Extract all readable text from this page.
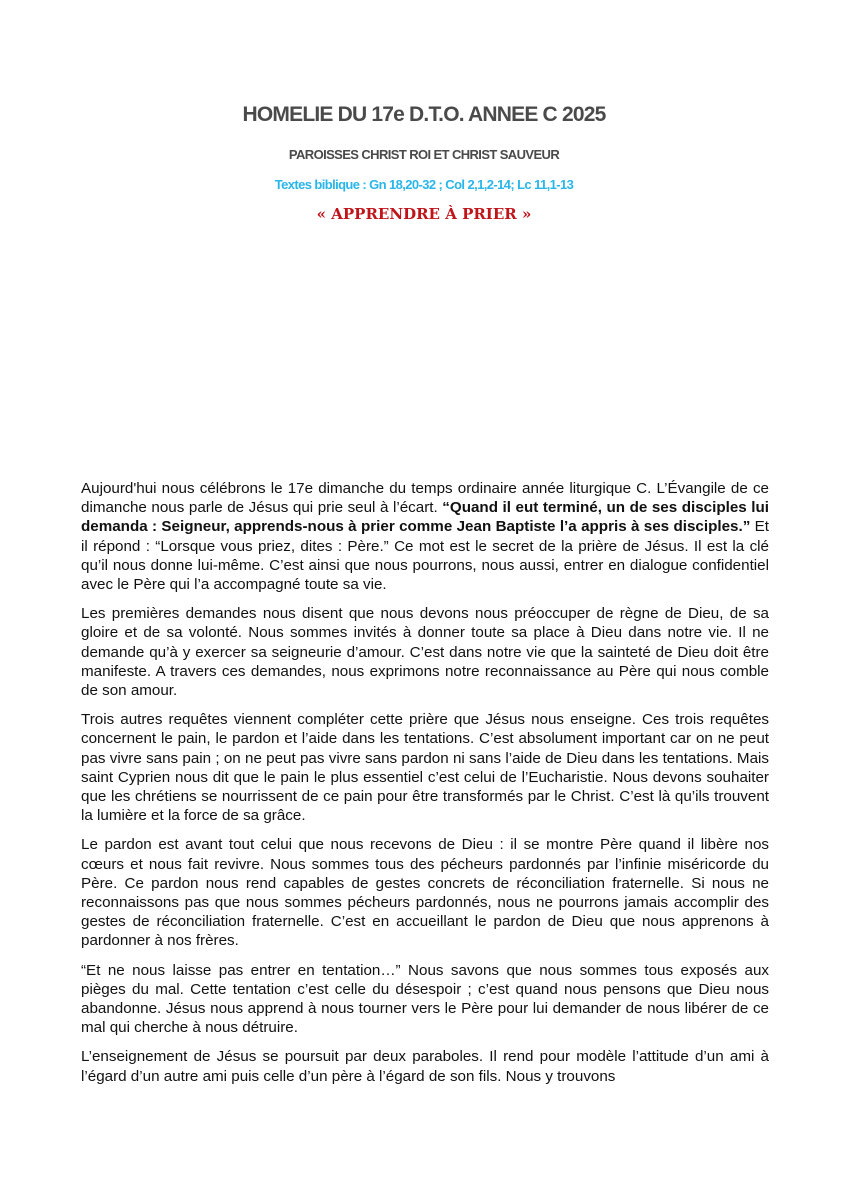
HOMELIE DU 17e D.T.O. ANNEE C 2025
PAROISSES CHRIST ROI ET CHRIST SAUVEUR
Textes biblique : Gn 18,20-32 ; Col 2,1,2-14; Lc 11,1-13
« APPRENDRE À PRIER »

Aujourd'hui nous célébrons le 17e dimanche du temps ordinaire année liturgique C. L’Évangile de ce dimanche nous parle de Jésus qui prie seul à l’écart. “Quand il eut terminé, un de ses disciples lui demanda : Seigneur, apprends-nous à prier comme Jean Baptiste l’a appris à ses disciples.” Et il répond : “Lorsque vous priez, dites : Père.” Ce mot est le secret de la prière de Jésus. Il est la clé qu’il nous donne lui-même. C’est ainsi que nous pourrons, nous aussi, entrer en dialogue confidentiel avec le Père qui l’a accompagné toute sa vie.

Les premières demandes nous disent que nous devons nous préoccuper de règne de Dieu, de sa gloire et de sa volonté. Nous sommes invités à donner toute sa place à Dieu dans notre vie. Il ne demande qu’à y exercer sa seigneurie d’amour. C’est dans notre vie que la sainteté de Dieu doit être manifeste. A travers ces demandes, nous exprimons notre reconnaissance au Père qui nous comble de son amour.

Trois autres requêtes viennent compléter cette prière que Jésus nous enseigne. Ces trois requêtes concernent le pain, le pardon et l’aide dans les tentations. C’est absolument important car on ne peut pas vivre sans pain ; on ne peut pas vivre sans pardon ni sans l’aide de Dieu dans les tentations. Mais saint Cyprien nous dit que le pain le plus essentiel c’est celui de l’Eucharistie. Nous devons souhaiter que les chrétiens se nourrissent de ce pain pour être transformés par le Christ. C’est là qu’ils trouvent la lumière et la force de sa grâce.

Le pardon est avant tout celui que nous recevons de Dieu : il se montre Père quand il libère nos cœurs et nous fait revivre. Nous sommes tous des pécheurs pardonnés par l’infinie miséricorde du Père. Ce pardon nous rend capables de gestes concrets de réconciliation fraternelle. Si nous ne reconnaissons pas que nous sommes pécheurs pardonnés, nous ne pourrons jamais accomplir des gestes de réconciliation fraternelle. C’est en accueillant le pardon de Dieu que nous apprenons à pardonner à nos frères.

“Et ne nous laisse pas entrer en tentation…” Nous savons que nous sommes tous exposés aux pièges du mal. Cette tentation c’est celle du désespoir ; c’est quand nous pensons que Dieu nous abandonne. Jésus nous apprend à nous tourner vers le Père pour lui demander de nous libérer de ce mal qui cherche à nous détruire.

L’enseignement de Jésus se poursuit par deux paraboles. Il rend pour modèle l’attitude d’un ami à l’égard d’un autre ami puis celle d’un père à l’égard de son fils. Nous y trouvons
